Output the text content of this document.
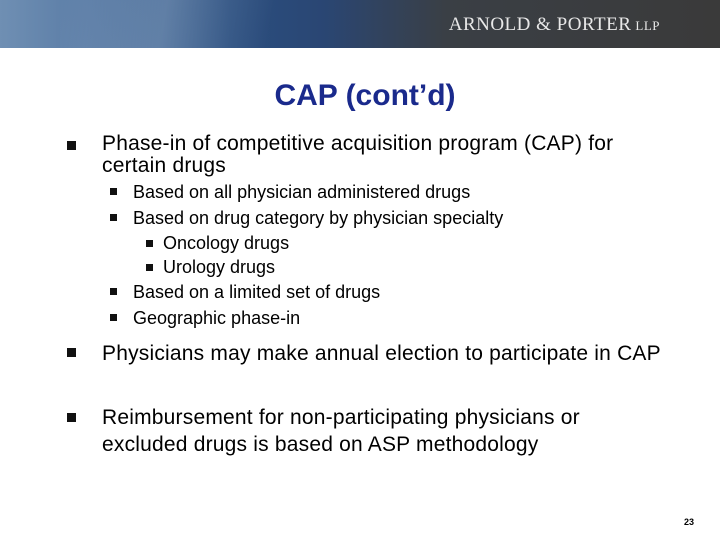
ARNOLD & PORTER LLP
CAP (cont’d)
Phase-in of competitive acquisition program (CAP) for certain drugs
Based on all physician administered drugs
Based on drug category by physician specialty
Oncology drugs
Urology drugs
Based on a limited set of drugs
Geographic phase-in
Physicians may make annual election to participate in CAP
Reimbursement for non-participating physicians or excluded drugs is based on ASP methodology
23
